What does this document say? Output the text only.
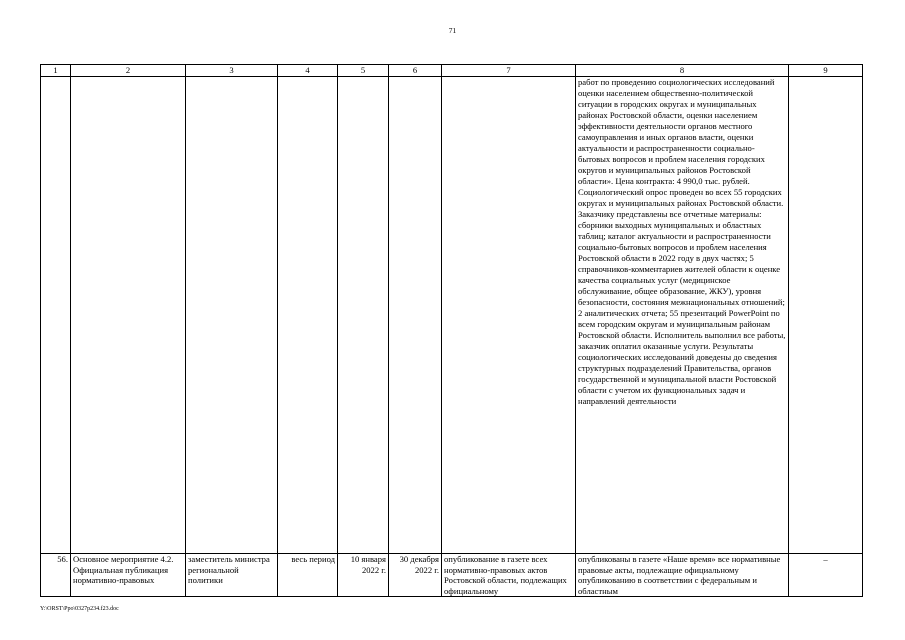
71
1	2	3	4	5	6	7	8	9
							работ по проведению социологических исследований оценки населением общественно-политической ситуации в городских округах и муниципальных районах Ростовской области, оценки населением эффективности деятельности органов местного самоуправления и иных органов власти, оценки актуальности и распространенности социально-бытовых вопросов и проблем населения городских округов и муниципальных районов Ростовской области». Цена контракта: 4 990,0 тыс. рублей. Социологический опрос проведен во всех 55 городских округах и муниципальных районах Ростовской области. Заказчику представлены все отчетные материалы: сборники выходных муниципальных и областных таблиц; каталог актуальности и распространенности социально-бытовых вопросов и проблем населения Ростовской области в 2022 году в двух частях; 5 справочников-комментариев жителей области к оценке качества социальных услуг (медицинское обслуживание, общее образование, ЖКУ), уровня безопасности, состояния межнациональных отношений; 2 аналитических отчета; 55 презентаций PowerPoint по всем городским округам и муниципальным районам Ростовской области. Исполнитель выполнил все работы, заказчик оплатил оказанные услуги. Результаты социологических исследований доведены до сведения структурных подразделений Правительства, органов государственной и муниципальной власти Ростовской области с учетом их функциональных задач и направлений деятельности	
56.	Основное мероприятие 4.2. Официальная публикация нормативно-правовых	заместитель министра региональной политики	весь период	10 января 2022 г.	30 декабря 2022 г.	опубликование в газете всех нормативно-правовых актов Ростовской области, подлежащих официальному	опубликованы в газете «Наше время» все нормативные правовые акты, подлежащие официальному опубликованию в соответствии с федеральным и областным	–
Y:\ORST\Ppo\0327p234.f23.doc
